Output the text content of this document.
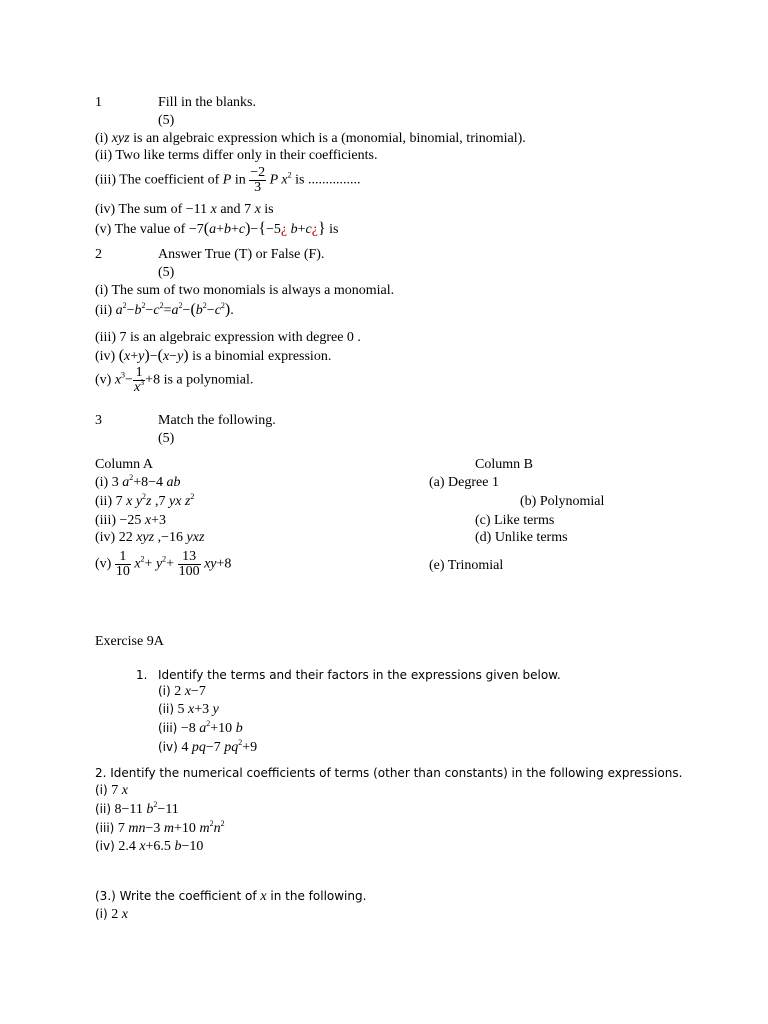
1	Fill in the blanks.
(5)
(i) xyz is an algebraic expression which is a (monomial, binomial, trinomial).
(ii) Two like terms differ only in their coefficients.
(iii) The coefficient of P in $\frac{-2}{3}$ P $x^2$ is ...............
(iv) The sum of −11 x and 7 x is
(v) The value of −7(a+b+c)−{−5¿ b+c¿} is
2	Answer True (T) or False (F).
(5)
(i) The sum of two monomials is always a monomial.
(ii) $a^2-b^2-c^2=a^2-(b^2-c^2)$.
(iii) 7 is an algebraic expression with degree 0 .
(iv) (x+y)−(x−y) is a binomial expression.
(v) $x^3- \frac{1}{x^3} +8$ is a polynomial.
3	Match the following.
(5)
Column A	Column B
(i) 3 $a^2+8-4$ ab	(a) Degree 1
(ii) 7 x $y^2z$ ,7 yx $z^2$	(b) Polynomial
(iii) −25 x+3	(c) Like terms
(iv) 22 xyz ,−16 yxz	(d) Unlike terms
$(v) \frac{1}{10} x^2+ y^2+ \frac{13}{100} xy+8$	(e) Trinomial
Exercise 9A
1. Identify the terms and their factors in the expressions given below.
(i) 2 x−7
(ii) 5 x+3 y
(iii) −8 $a^2+10$ b
(iv) 4 pq−7 $pq^2+9$
2. Identify the numerical coefficients of terms (other than constants) in the following expressions.
(i) 7 x
(ii) 8−11 $b^2-11$
(iii) 7 mn−3 m+10 $m^2n^2$
(iv) 2.4 x+6.5 b−10
(3.) Write the coefficient of x in the following.
(i) 2 x
